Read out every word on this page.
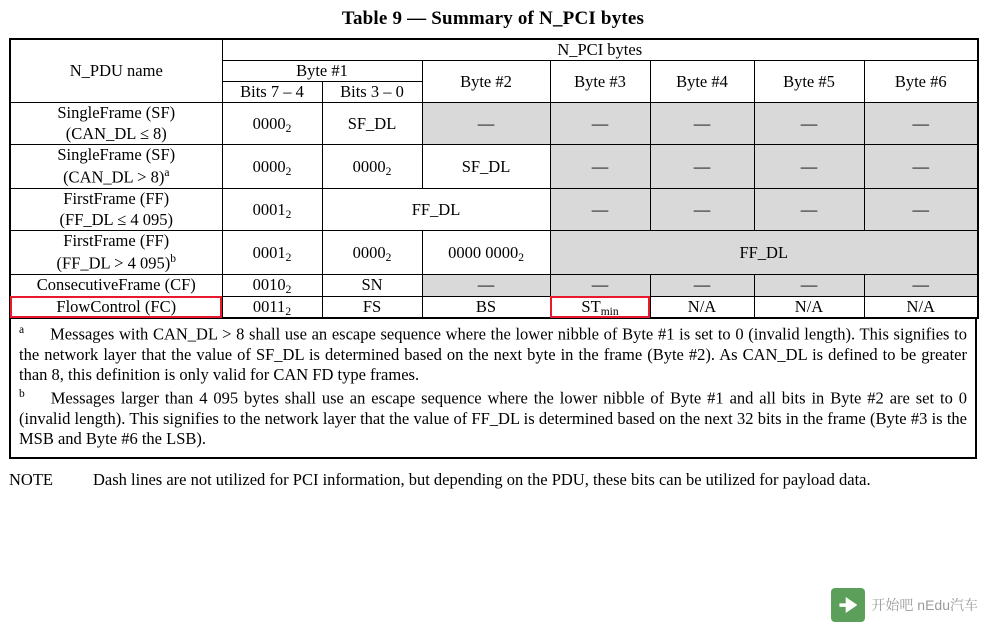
Table 9 — Summary of N_PCI bytes
N_PDU name	N_PCI bytes						
	Byte #1		Byte #2	Byte #3	Byte #4	Byte #5	Byte #6
	Bits 7 – 4	Bits 3 – 0					
SingleFrame (SF)
(CAN_DL ≤ 8)	00002	SF_DL	—	—	—	—	—
SingleFrame (SF)
(CAN_DL > 8)$^a$	00002	00002	SF_DL	—	—	—	—
FirstFrame (FF)
(FF_DL ≤ 4 095)	00012	FF_DL		—	—	—	—
FirstFrame (FF)
(FF_DL > 4 095)$^b$	00012	00002	0000 00002	FF_DL			
ConsecutiveFrame (CF)	00102	SN	—	—	—	—	—
FlowControl (FC)	00112	FS	BS	STmin	N/A	N/A	N/A

$^a$ Messages with CAN_DL > 8 shall use an escape sequence where the lower nibble of Byte #1 is set to 0 (invalid length). This signifies to the network layer that the value of SF_DL is determined based on the next byte in the frame (Byte #2). As CAN_DL is defined to be greater than 8, this definition is only valid for CAN FD type frames.

$^b$ Messages larger than 4 095 bytes shall use an escape sequence where the lower nibble of Byte #1 and all bits in Byte #2 are set to 0 (invalid length). This signifies to the network layer that the value of FF_DL is determined based on the next 32 bits in the frame (Byte #3 is the MSB and Byte #6 the LSB).

NOTE Dash lines are not utilized for PCI information, but depending on the PDU, these bits can be utilized for payload data.
开始吧 nEdu汽车
